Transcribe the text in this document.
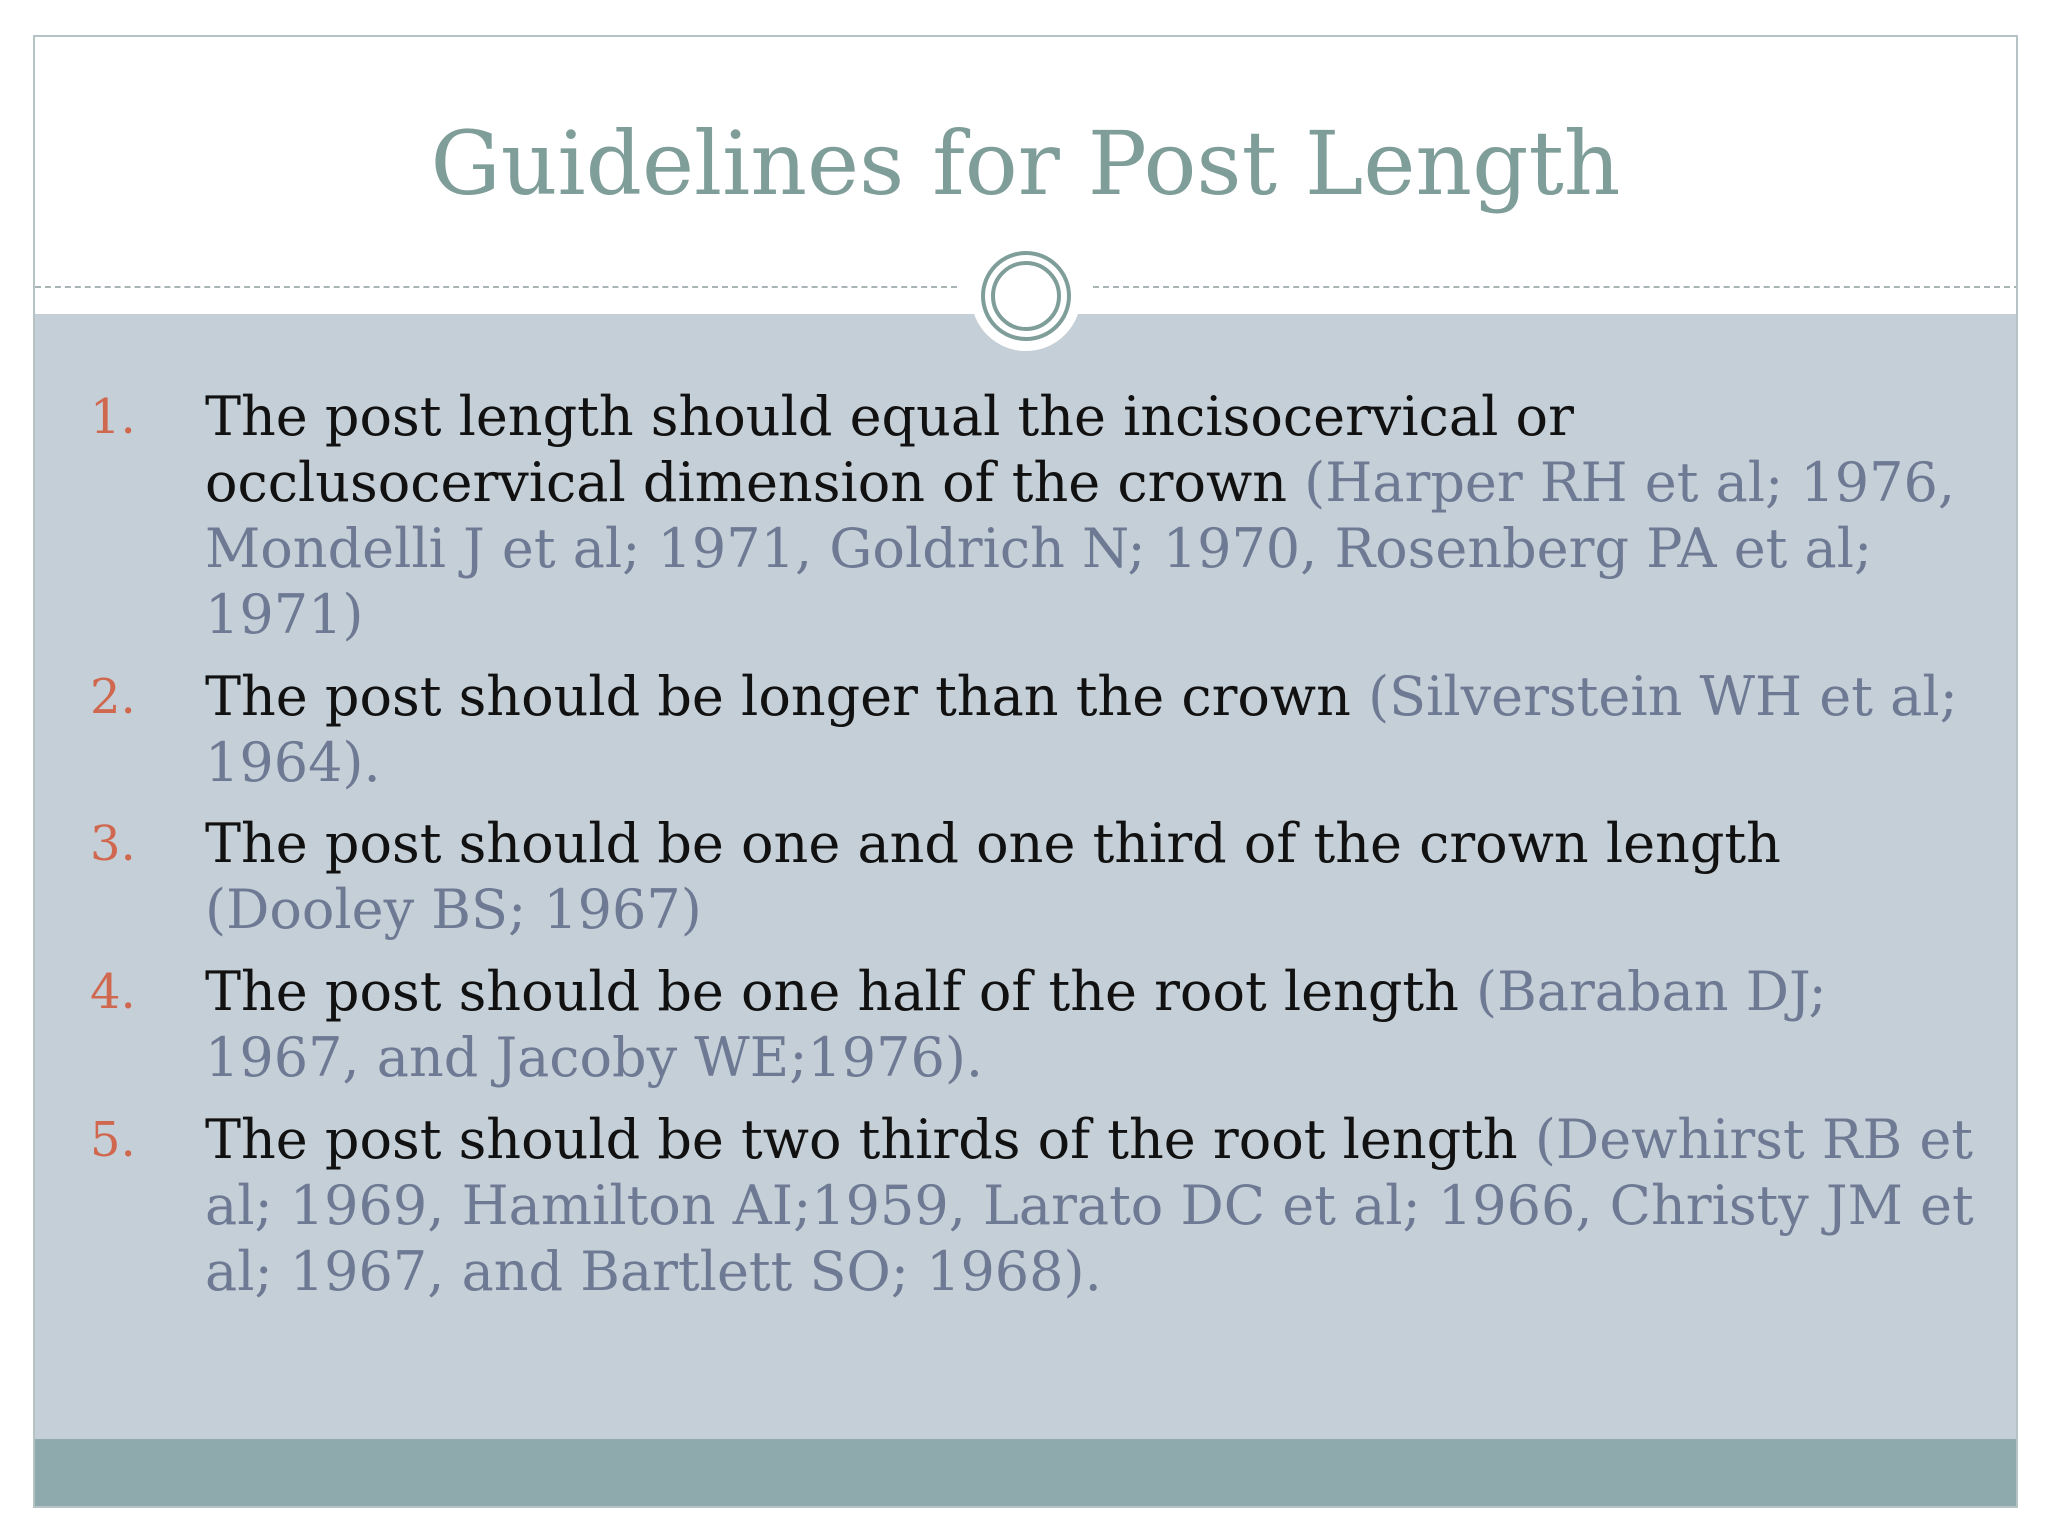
Guidelines for Post Length
1. The post length should equal the incisocervical or occlusocervical dimension of the crown (Harper RH et al; 1976, Mondelli J et al; 1971, Goldrich N; 1970, Rosenberg PA et al; 1971)
2. The post should be longer than the crown (Silverstein WH et al; 1964).
3. The post should be one and one third of the crown length (Dooley BS; 1967)
4. The post should be one half of the root length (Baraban DJ; 1967, and Jacoby WE;1976).
5. The post should be two thirds of the root length (Dewhirst RB et al; 1969, Hamilton AI;1959, Larato DC et al; 1966, Christy JM et al; 1967, and Bartlett SO; 1968).
